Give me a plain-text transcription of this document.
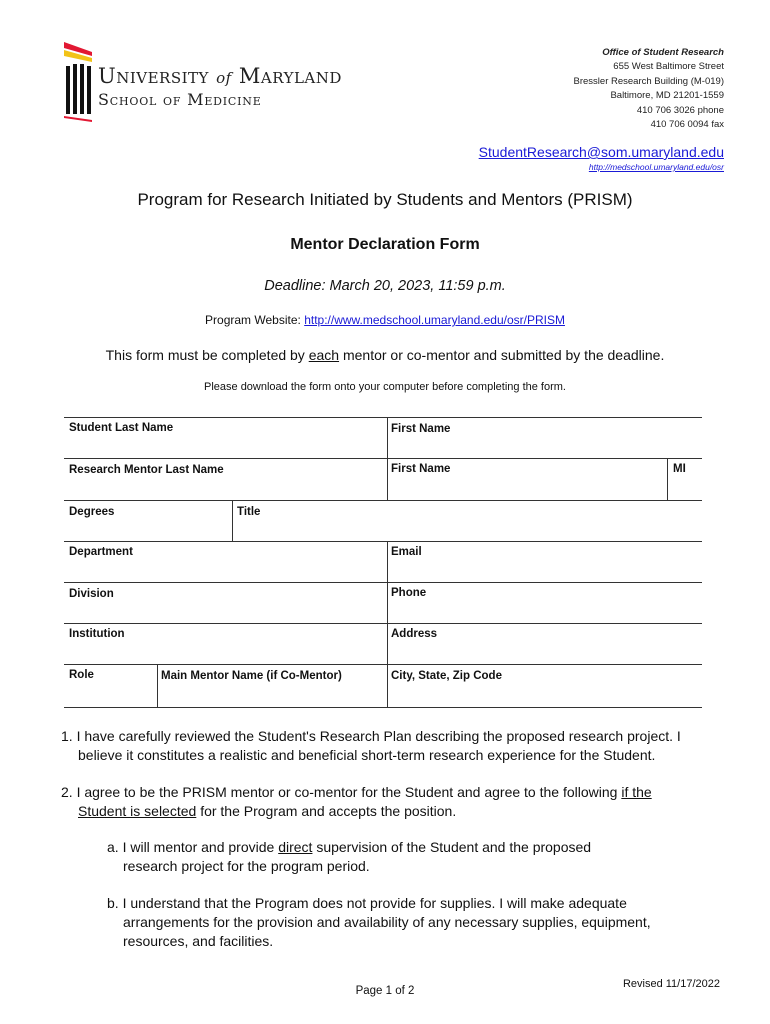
University of Maryland
School of Medicine
Office of Student Research
655 West Baltimore Street
Bressler Research Building (M-019)
Baltimore, MD 21201-1559
410 706 3026 phone
410 706 0094 fax
StudentResearch@som.umaryland.edu
http://medschool.umaryland.edu/osr
Program for Research Initiated by Students and Mentors (PRISM)
Mentor Declaration Form
Deadline: March 20, 2023, 11:59 p.m.
Program Website: http://www.medschool.umaryland.edu/osr/PRISM
This form must be completed by each mentor or co-mentor and submitted by the deadline.
Please download the form onto your computer before completing the form.
Student Last Name	First Name
Research Mentor Last Name	First Name	MI
Degrees	Title
Department	Email
Division	Phone
Institution	Address
Role	Main Mentor Name (if Co-Mentor)	City, State, Zip Code
1. I have carefully reviewed the Student's Research Plan describing the proposed research project. I
believe it constitutes a realistic and beneficial short-term research experience for the Student.
2. I agree to be the PRISM mentor or co-mentor for the Student and agree to the following if the
Student is selected for the Program and accepts the position.
a. I will mentor and provide direct supervision of the Student and the proposed
research project for the program period.
b. I understand that the Program does not provide for supplies. I will make adequate
arrangements for the provision and availability of any necessary supplies, equipment,
resources, and facilities.
Page 1 of 2
Revised 11/17/2022
